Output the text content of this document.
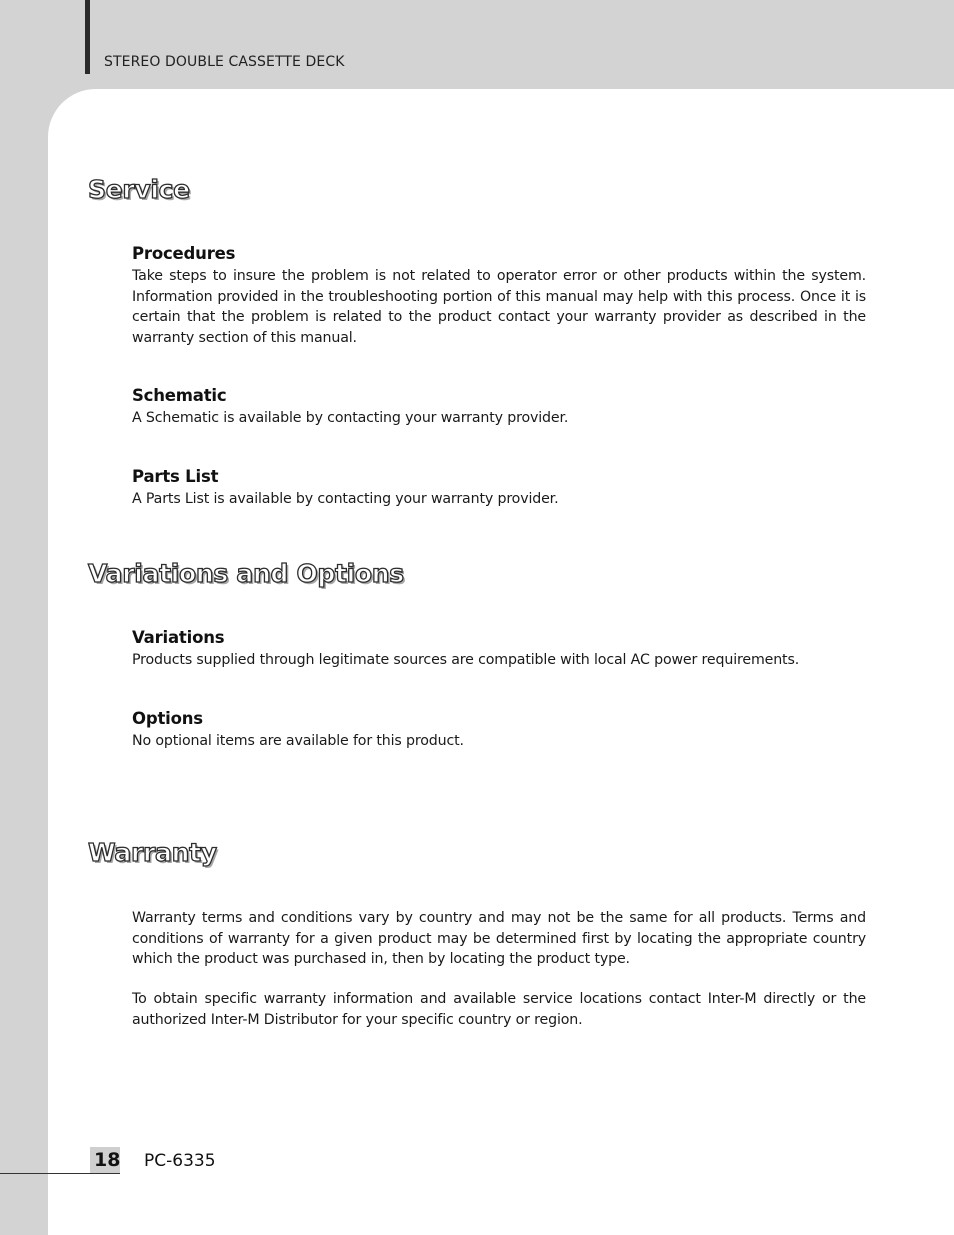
STEREO DOUBLE CASSETTE DECK
Service
Procedures

Take steps to insure the problem is not related to operator error or other products within the system. Information provided in the troubleshooting portion of this manual may help with this process. Once it is certain that the problem is related to the product contact your warranty provider as described in the warranty section of this manual.

Schematic

A Schematic is available by contacting your warranty provider.

Parts List

A Parts List is available by contacting your warranty provider.

Variations and Options
Variations

Products supplied through legitimate sources are compatible with local AC power requirements.

Options

No optional items are available for this product.

Warranty

Warranty terms and conditions vary by country and may not be the same for all products. Terms and conditions of warranty for a given product may be determined first by locating the appropriate country which the product was purchased in, then by locating the product type.

To obtain specific warranty information and available service locations contact Inter-M directly or the authorized Inter-M Distributor for your specific country or region.

18 PC-6335
